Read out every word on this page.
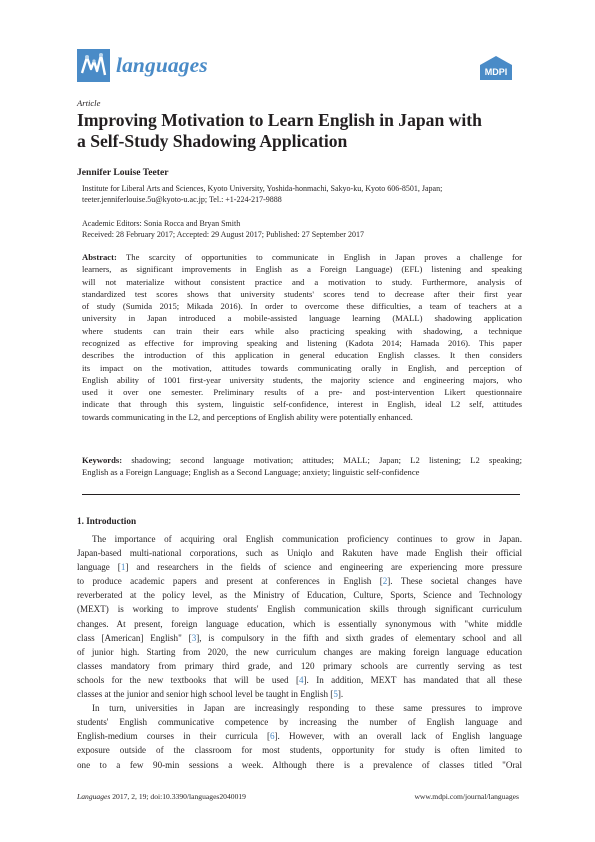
languages	MDPI
Article
Improving Motivation to Learn English in Japan with
a Self-Study Shadowing Application
Jennifer Louise Teeter
Institute for Liberal Arts and Sciences, Kyoto University, Yoshida-honmachi, Sakyo-ku, Kyoto 606-8501, Japan;
teeter.jenniferlouise.5u@kyoto-u.ac.jp; Tel.: +1-224-217-9888
Academic Editors: Sonia Rocca and Bryan Smith
Received: 28 February 2017; Accepted: 29 August 2017; Published: 27 September 2017
Abstract: The scarcity of opportunities to communicate in English in Japan proves a challenge for
learners, as significant improvements in English as a Foreign Language) (EFL) listening and speaking
will not materialize without consistent practice and a motivation to study. Furthermore, analysis of
standardized test scores shows that university students' scores tend to decrease after their first year
of study (Sumida 2015; Mikada 2016). In order to overcome these difficulties, a team of teachers at a
university in Japan introduced a mobile-assisted language learning (MALL) shadowing application
where students can train their ears while also practicing speaking with shadowing, a technique
recognized as effective for improving speaking and listening (Kadota 2014; Hamada 2016). This paper
describes the introduction of this application in general education English classes. It then considers
its impact on the motivation, attitudes towards communicating orally in English, and perception of
English ability of 1001 first-year university students, the majority science and engineering majors, who
used it over one semester. Preliminary results of a pre- and post-intervention Likert questionnaire
indicate that through this system, linguistic self-confidence, interest in English, ideal L2 self, attitudes
towards communicating in the L2, and perceptions of English ability were potentially enhanced.
Keywords: shadowing; second language motivation; attitudes; MALL; Japan; L2 listening; L2 speaking;
English as a Foreign Language; English as a Second Language; anxiety; linguistic self-confidence
1. Introduction
The importance of acquiring oral English communication proficiency continues to grow in Japan.
Japan-based multi-national corporations, such as Uniqlo and Rakuten have made English their official
language [1] and researchers in the fields of science and engineering are experiencing more pressure
to produce academic papers and present at conferences in English [2]. These societal changes have
reverberated at the policy level, as the Ministry of Education, Culture, Sports, Science and Technology
(MEXT) is working to improve students' English communication skills through significant curriculum
changes. At present, foreign language education, which is essentially synonymous with "white middle
class [American] English" [3], is compulsory in the fifth and sixth grades of elementary school and all
of junior high. Starting from 2020, the new curriculum changes are making foreign language education
classes mandatory from primary third grade, and 120 primary schools are currently serving as test
schools for the new textbooks that will be used [4]. In addition, MEXT has mandated that all these
classes at the junior and senior high school level be taught in English [5].
In turn, universities in Japan are increasingly responding to these same pressures to improve
students' English communicative competence by increasing the number of English language and
English-medium courses in their curricula [6]. However, with an overall lack of English language
exposure outside of the classroom for most students, opportunity for study is often limited to
one to a few 90-min sessions a week. Although there is a prevalence of classes titled "Oral
Languages 2017, 2, 19; doi:10.3390/languages2040019	www.mdpi.com/journal/languages
